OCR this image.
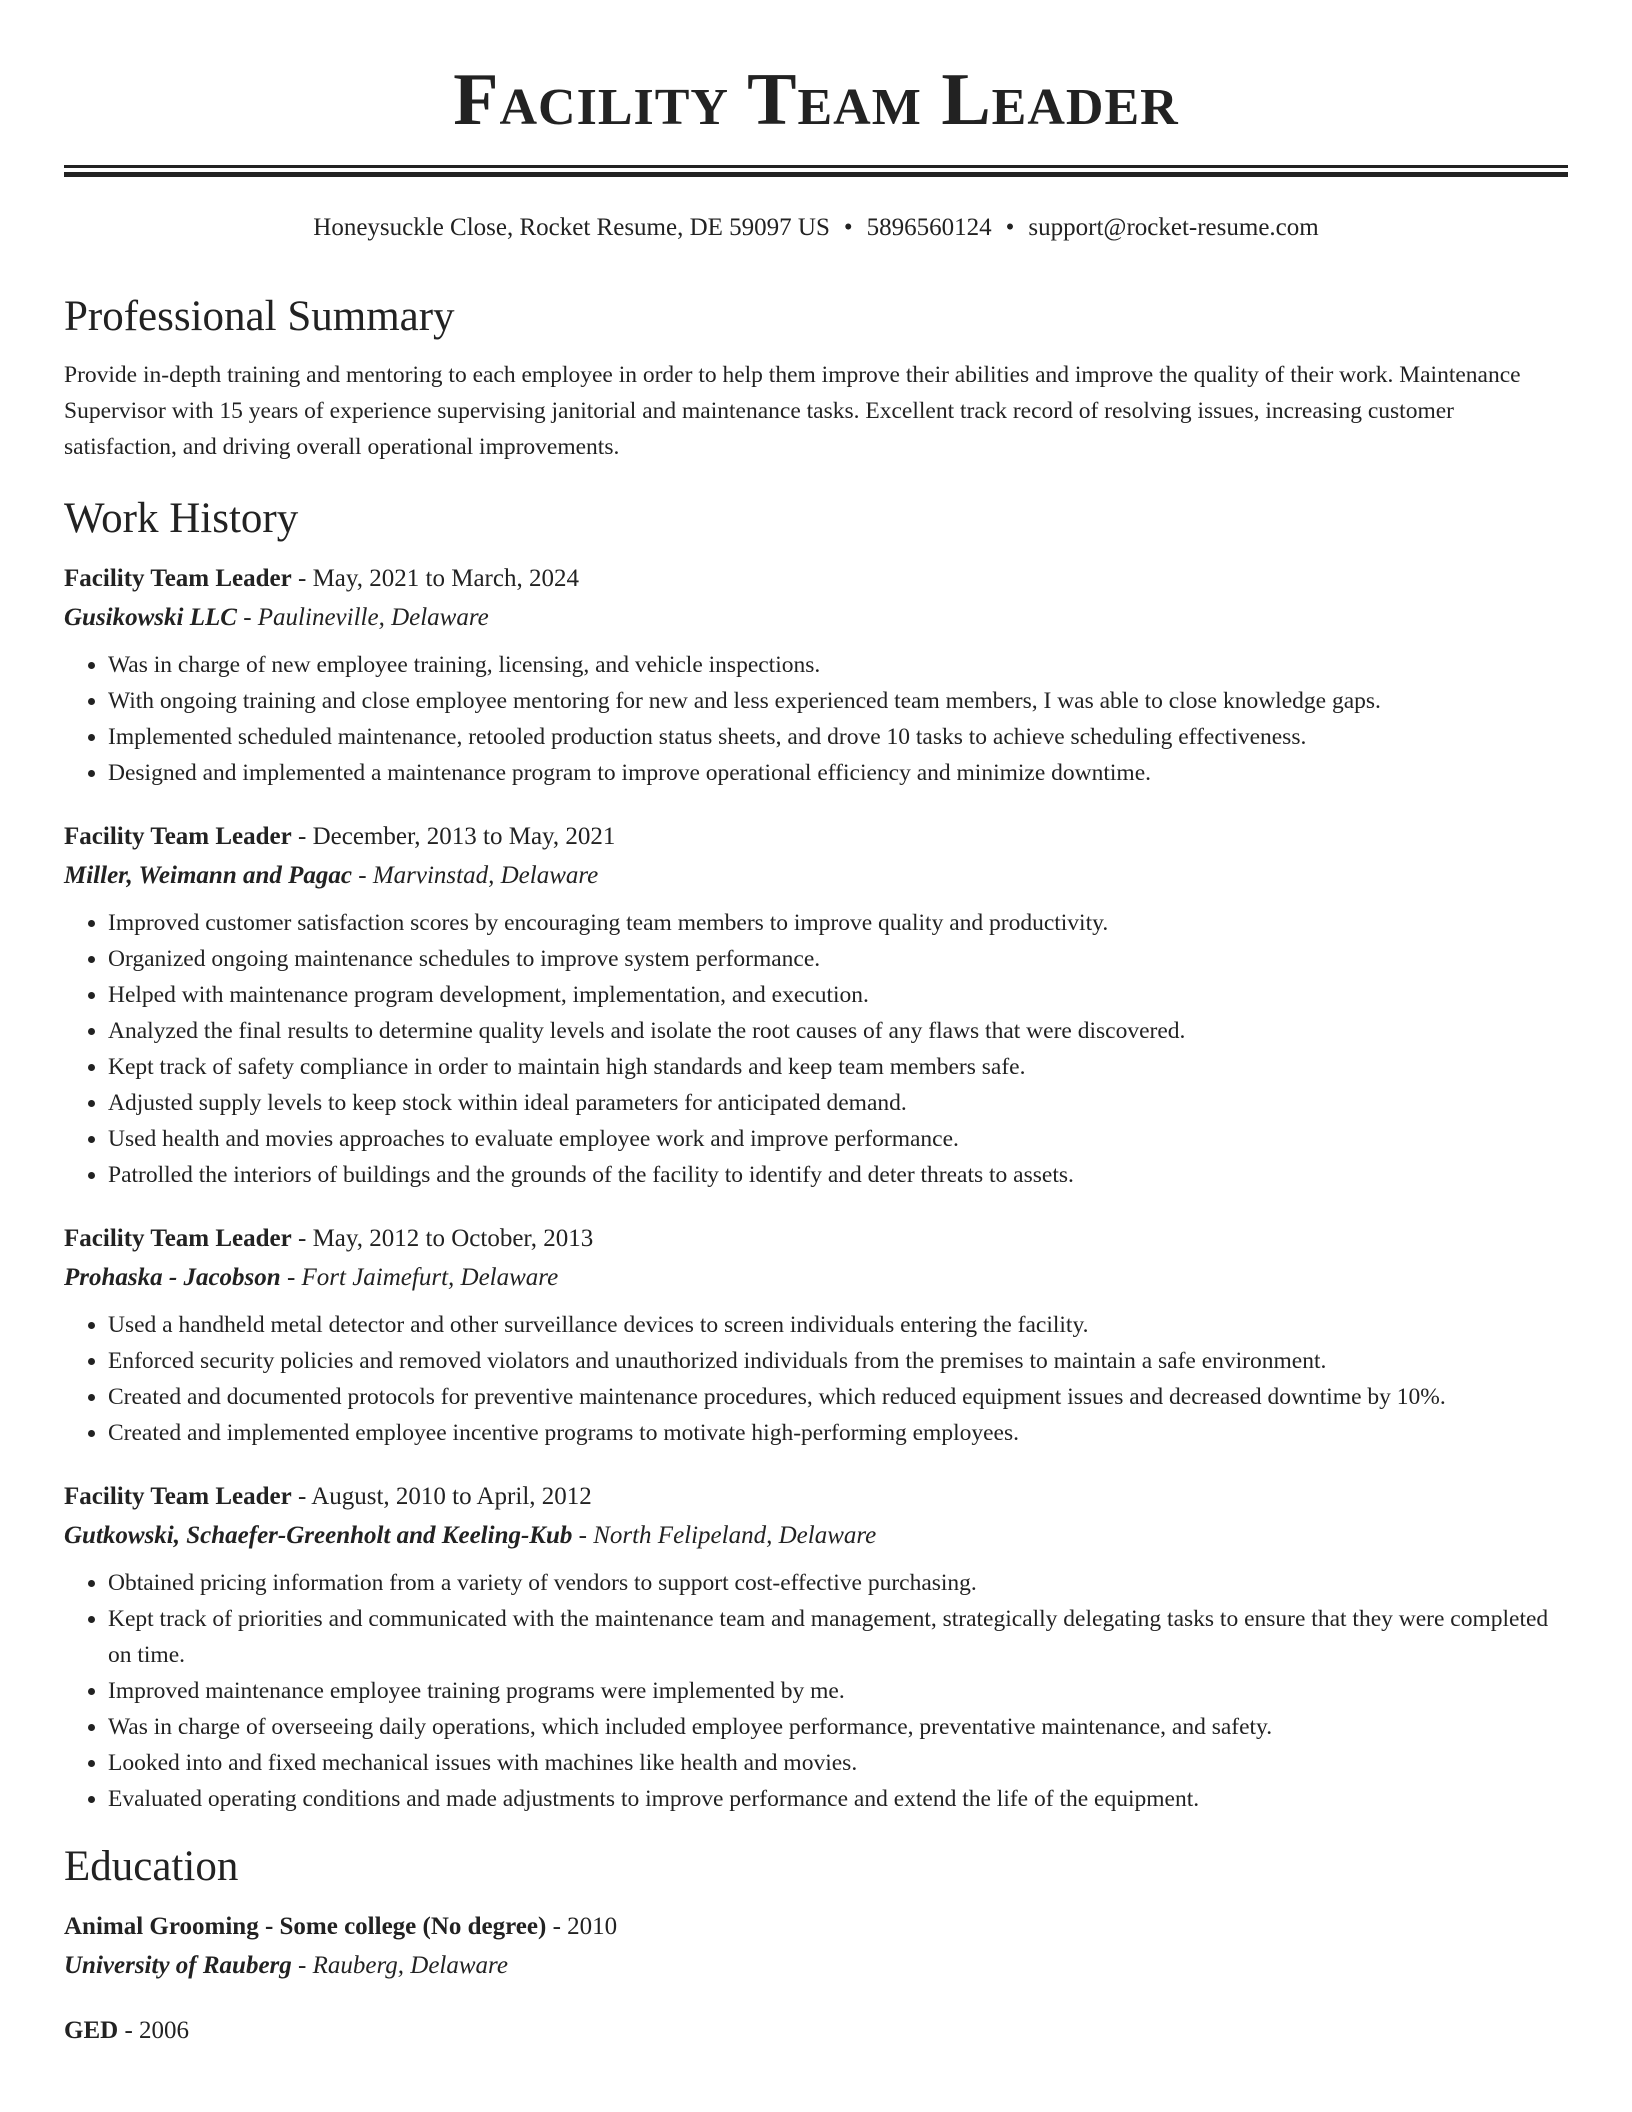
Facility Team Leader
Honeysuckle Close, Rocket Resume, DE 59097 US • 5896560124 • support@rocket-resume.com
Professional Summary

Provide in-depth training and mentoring to each employee in order to help them improve their abilities and improve the quality of their work. Maintenance Supervisor with 15 years of experience supervising janitorial and maintenance tasks. Excellent track record of resolving issues, increasing customer satisfaction, and driving overall operational improvements.

Work History

Facility Team Leader - May, 2021 to March, 2024

Gusikowski LLC - Paulineville, Delaware

• Was in charge of new employee training, licensing, and vehicle inspections.
• With ongoing training and close employee mentoring for new and less experienced team members, I was able to close knowledge gaps.
• Implemented scheduled maintenance, retooled production status sheets, and drove 10 tasks to achieve scheduling effectiveness.
• Designed and implemented a maintenance program to improve operational efficiency and minimize downtime.

Facility Team Leader - December, 2013 to May, 2021

Miller, Weimann and Pagac - Marvinstad, Delaware

• Improved customer satisfaction scores by encouraging team members to improve quality and productivity.
• Organized ongoing maintenance schedules to improve system performance.
• Helped with maintenance program development, implementation, and execution.
• Analyzed the final results to determine quality levels and isolate the root causes of any flaws that were discovered.
• Kept track of safety compliance in order to maintain high standards and keep team members safe.
• Adjusted supply levels to keep stock within ideal parameters for anticipated demand.
• Used health and movies approaches to evaluate employee work and improve performance.
• Patrolled the interiors of buildings and the grounds of the facility to identify and deter threats to assets.

Facility Team Leader - May, 2012 to October, 2013

Prohaska - Jacobson - Fort Jaimefurt, Delaware

• Used a handheld metal detector and other surveillance devices to screen individuals entering the facility.
• Enforced security policies and removed violators and unauthorized individuals from the premises to maintain a safe environment.
• Created and documented protocols for preventive maintenance procedures, which reduced equipment issues and decreased downtime by 10%.
• Created and implemented employee incentive programs to motivate high-performing employees.

Facility Team Leader - August, 2010 to April, 2012

Gutkowski, Schaefer-Greenholt and Keeling-Kub - North Felipeland, Delaware

• Obtained pricing information from a variety of vendors to support cost-effective purchasing.
• Kept track of priorities and communicated with the maintenance team and management, strategically delegating tasks to ensure that they were completed on time.
• Improved maintenance employee training programs were implemented by me.
• Was in charge of overseeing daily operations, which included employee performance, preventative maintenance, and safety.
• Looked into and fixed mechanical issues with machines like health and movies.
• Evaluated operating conditions and made adjustments to improve performance and extend the life of the equipment.
Education

Animal Grooming - Some college (No degree) - 2010

University of Rauberg - Rauberg, Delaware

GED - 2006
